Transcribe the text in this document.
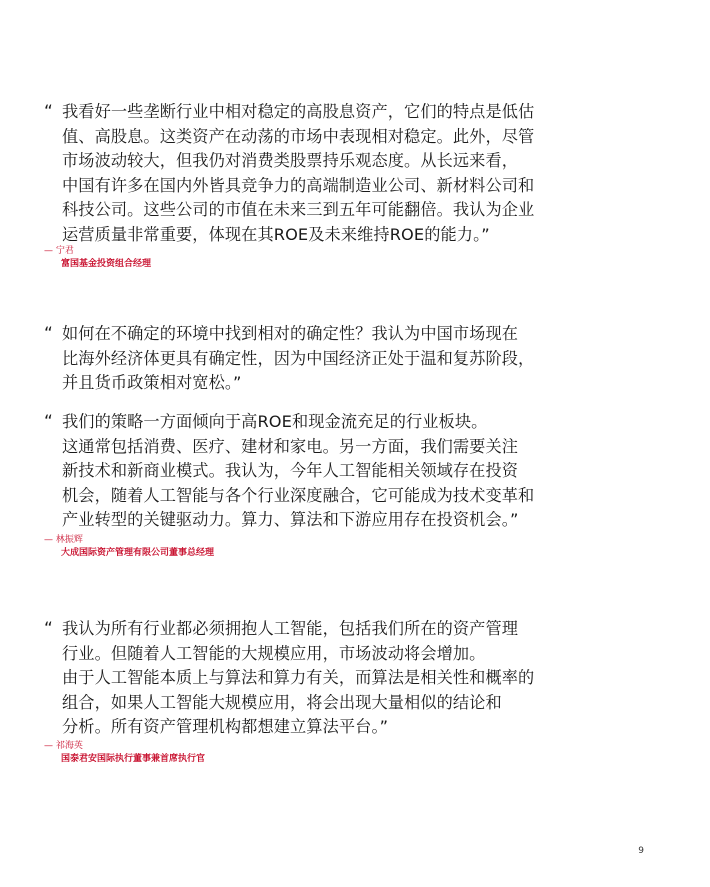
“ 我看好一些垄断行业中相对稳定的高股息资产，它们的特点是低估
值、高股息。这类资产在动荡的市场中表现相对稳定。此外，尽管
市场波动较大，但我仍对消费类股票持乐观态度。从长远来看，
中国有许多在国内外皆具竞争力的高端制造业公司、新材料公司和
科技公司。这些公司的市值在未来三到五年可能翻倍。我认为企业
运营质量非常重要，体现在其ROE及未来维持ROE的能力。”
— 宁君
富国基金投资组合经理
“ 如何在不确定的环境中找到相对的确定性？我认为中国市场现在
比海外经济体更具有确定性，因为中国经济正处于温和复苏阶段，
并且货币政策相对宽松。”
“ 我们的策略一方面倾向于高ROE和现金流充足的行业板块。
这通常包括消费、医疗、建材和家电。另一方面，我们需要关注
新技术和新商业模式。我认为，今年人工智能相关领域存在投资
机会，随着人工智能与各个行业深度融合，它可能成为技术变革和
产业转型的关键驱动力。算力、算法和下游应用存在投资机会。”
— 林振辉
大成国际资产管理有限公司董事总经理
“ 我认为所有行业都必须拥抱人工智能，包括我们所在的资产管理
行业。但随着人工智能的大规模应用，市场波动将会增加。
由于人工智能本质上与算法和算力有关，而算法是相关性和概率的
组合，如果人工智能大规模应用，将会出现大量相似的结论和
分析。所有资产管理机构都想建立算法平台。”
— 祁海英
国泰君安国际执行董事兼首席执行官
9
